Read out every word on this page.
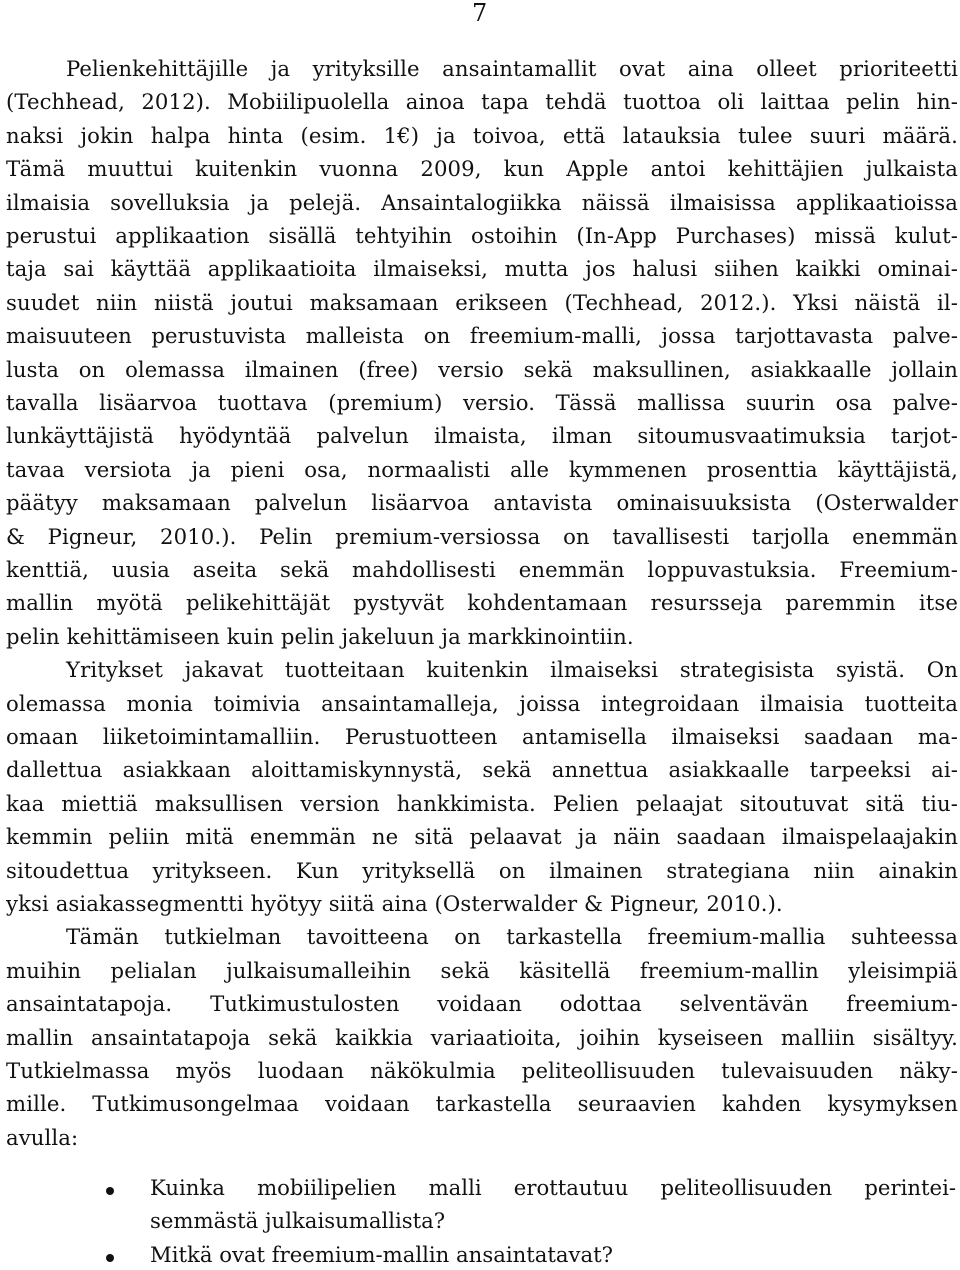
7
Pelienkehittäjille ja yrityksille ansaintamallit ovat aina olleet prioriteetti
(Techhead, 2012). Mobiilipuolella ainoa tapa tehdä tuottoa oli laittaa pelin hin-
naksi jokin halpa hinta (esim. 1€) ja toivoa, että latauksia tulee suuri määrä.
Tämä muuttui kuitenkin vuonna 2009, kun Apple antoi kehittäjien julkaista
ilmaisia sovelluksia ja pelejä. Ansaintalogiikka näissä ilmaisissa applikaatioissa
perustui applikaation sisällä tehtyihin ostoihin (In-App Purchases) missä kulut-
taja sai käyttää applikaatioita ilmaiseksi, mutta jos halusi siihen kaikki ominai-
suudet niin niistä joutui maksamaan erikseen (Techhead, 2012.). Yksi näistä il-
maisuuteen perustuvista malleista on freemium-malli, jossa tarjottavasta palve-
lusta on olemassa ilmainen (free) versio sekä maksullinen, asiakkaalle jollain
tavalla lisäarvoa tuottava (premium) versio. Tässä mallissa suurin osa palve-
lunkäyttäjistä hyödyntää palvelun ilmaista, ilman sitoumusvaatimuksia tarjot-
tavaa versiota ja pieni osa, normaalisti alle kymmenen prosenttia käyttäjistä,
päätyy maksamaan palvelun lisäarvoa antavista ominaisuuksista (Osterwalder
& Pigneur, 2010.). Pelin premium-versiossa on tavallisesti tarjolla enemmän
kenttiä, uusia aseita sekä mahdollisesti enemmän loppuvastuksia. Freemium-
mallin myötä pelikehittäjät pystyvät kohdentamaan resursseja paremmin itse
pelin kehittämiseen kuin pelin jakeluun ja markkinointiin.
Yritykset jakavat tuotteitaan kuitenkin ilmaiseksi strategisista syistä. On
olemassa monia toimivia ansaintamalleja, joissa integroidaan ilmaisia tuotteita
omaan liiketoimintamalliin. Perustuotteen antamisella ilmaiseksi saadaan ma-
dallettua asiakkaan aloittamiskynnystä, sekä annettua asiakkaalle tarpeeksi ai-
kaa miettiä maksullisen version hankkimista. Pelien pelaajat sitoutuvat sitä tiu-
kemmin peliin mitä enemmän ne sitä pelaavat ja näin saadaan ilmaispelaajakin
sitoudettua yritykseen. Kun yrityksellä on ilmainen strategiana niin ainakin
yksi asiakassegmentti hyötyy siitä aina (Osterwalder & Pigneur, 2010.).
Tämän tutkielman tavoitteena on tarkastella freemium-mallia suhteessa
muihin pelialan julkaisumalleihin sekä käsitellä freemium-mallin yleisimpiä
ansaintatapoja. Tutkimustulosten voidaan odottaa selventävän freemium-
mallin ansaintatapoja sekä kaikkia variaatioita, joihin kyseiseen malliin sisältyy.
Tutkielmassa myös luodaan näkökulmia peliteollisuuden tulevaisuuden näky-
mille. Tutkimusongelmaa voidaan tarkastella seuraavien kahden kysymyksen
avulla:
Kuinka mobiilipelien malli erottautuu peliteollisuuden perintei-
semmästä julkaisumallista?
Mitkä ovat freemium-mallin ansaintatavat?
